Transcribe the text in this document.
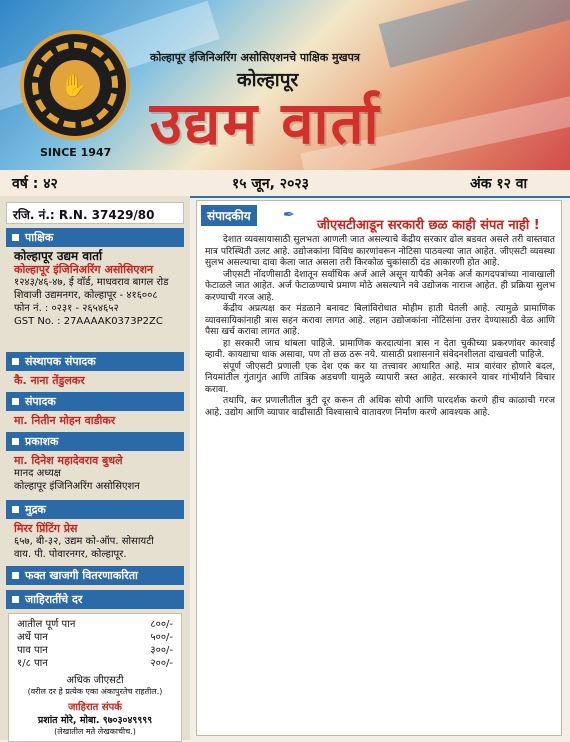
✋
SINCE 1947
कोल्हापूर इंजिनिअरिंग असोसिएशनचे पाक्षिक मुखपत्र
कोल्हापूर
उद्यम वार्ता
वर्ष : ४२	१५ जून, २०२३	अंक १२ वा
रजि. नं.: R.N. 37429/80
पाक्षिक
कोल्हापूर उद्यम वार्ता
कोल्हापूर इंजिनिअरिंग असोसिएशन
१२४३/४६-४७, ई वॉर्ड, माधवराव बागल रोड
शिवाजी उद्यमनगर, कोल्हापूर - ४१६००८
फोन नं. : ०२३१ - २६५४६५२
GST No. : 27AAAAK0373P2ZC
संस्थापक संपादक
कै. नाना तेंडुलकर
संपादक
मा. नितीन मोहन वाडीकर
प्रकाशक
मा. दिनेश महादेवराव बुधले
मानद अध्यक्ष
कोल्हापूर इंजिनिअरिंग असोसिएशन
मुद्रक
मिरर प्रिंटिंग प्रेस
६५७, बी-३२, उद्यम को-ऑप. सोसायटी
वाय. पी. पोवारनगर, कोल्हापूर.
फक्त खाजगी वितरणाकरिता
जाहिरातींचे दर
आतील पूर्ण पान	८००/-
अर्धे पान	५००/-
पाव पान	३००/-
१/८ पान	२००/-
अधिक जीएसटी
(वरील दर हे प्रत्येक एका अंकापुरतेच राहतील.)
जाहिरात संपर्क
प्रशांत मोरे, मोबा. ९७०३०४९९९९
(लेखातील मते लेखकाचीच.)
संपादकीय	✒
जीएसटीआडून सरकारी छळ काही संपत नाही !

देशात व्यवसायासाठी सुलभता आणली जात असल्याचे केंद्रीय सरकार ढोल बडवत असले तरी वास्तवात मात्र परिस्थिती उलट आहे. उद्योजकांना विविध कारणांवरून नोटिसा पाठवल्या जात आहेत. जीएसटी व्यवस्था सुलभ असल्याचा दावा केला जात असला तरी किरकोळ चुकांसाठी दंड आकारणी होत आहे.

जीएसटी नोंदणीसाठी देशातून सर्वाधिक अर्ज आले असून यापैकी अनेक अर्ज कागदपत्रांच्या नावाखाली फेटाळले जात आहेत. अर्ज फेटाळण्याचे प्रमाण मोठे असल्याने नवे उद्योजक नाराज आहेत. ही प्रक्रिया सुलभ करण्याची गरज आहे.

केंद्रीय अप्रत्यक्ष कर मंडळाने बनावट बिलांविरोधात मोहीम हाती घेतली आहे. त्यामुळे प्रामाणिक व्यावसायिकांनाही त्रास सहन करावा लागत आहे. लहान उद्योजकांना नोटिसांना उत्तर देण्यासाठी वेळ आणि पैसा खर्च करावा लागत आहे.

हा सरकारी जाच थांबला पाहिजे. प्रामाणिक करदात्यांना त्रास न देता चुकीच्या प्रकरणांवर कारवाई व्हावी. कायद्याचा धाक असावा, पण तो छळ ठरू नये. यासाठी प्रशासनाने संवेदनशीलता दाखवली पाहिजे.

संपूर्ण जीएसटी प्रणाली एक देश एक कर या तत्त्वावर आधारित आहे. मात्र वारंवार होणारे बदल, नियमांतील गुंतागुंत आणि तांत्रिक अडचणी यामुळे व्यापारी त्रस्त आहेत. सरकारने यावर गांभीर्याने विचार करावा.

तथापि, कर प्रणालीतील त्रुटी दूर करून ती अधिक सोपी आणि पारदर्शक करणे हीच काळाची गरज आहे. उद्योग आणि व्यापार वाढीसाठी विश्वासाचे वातावरण निर्माण करणे आवश्यक आहे.
